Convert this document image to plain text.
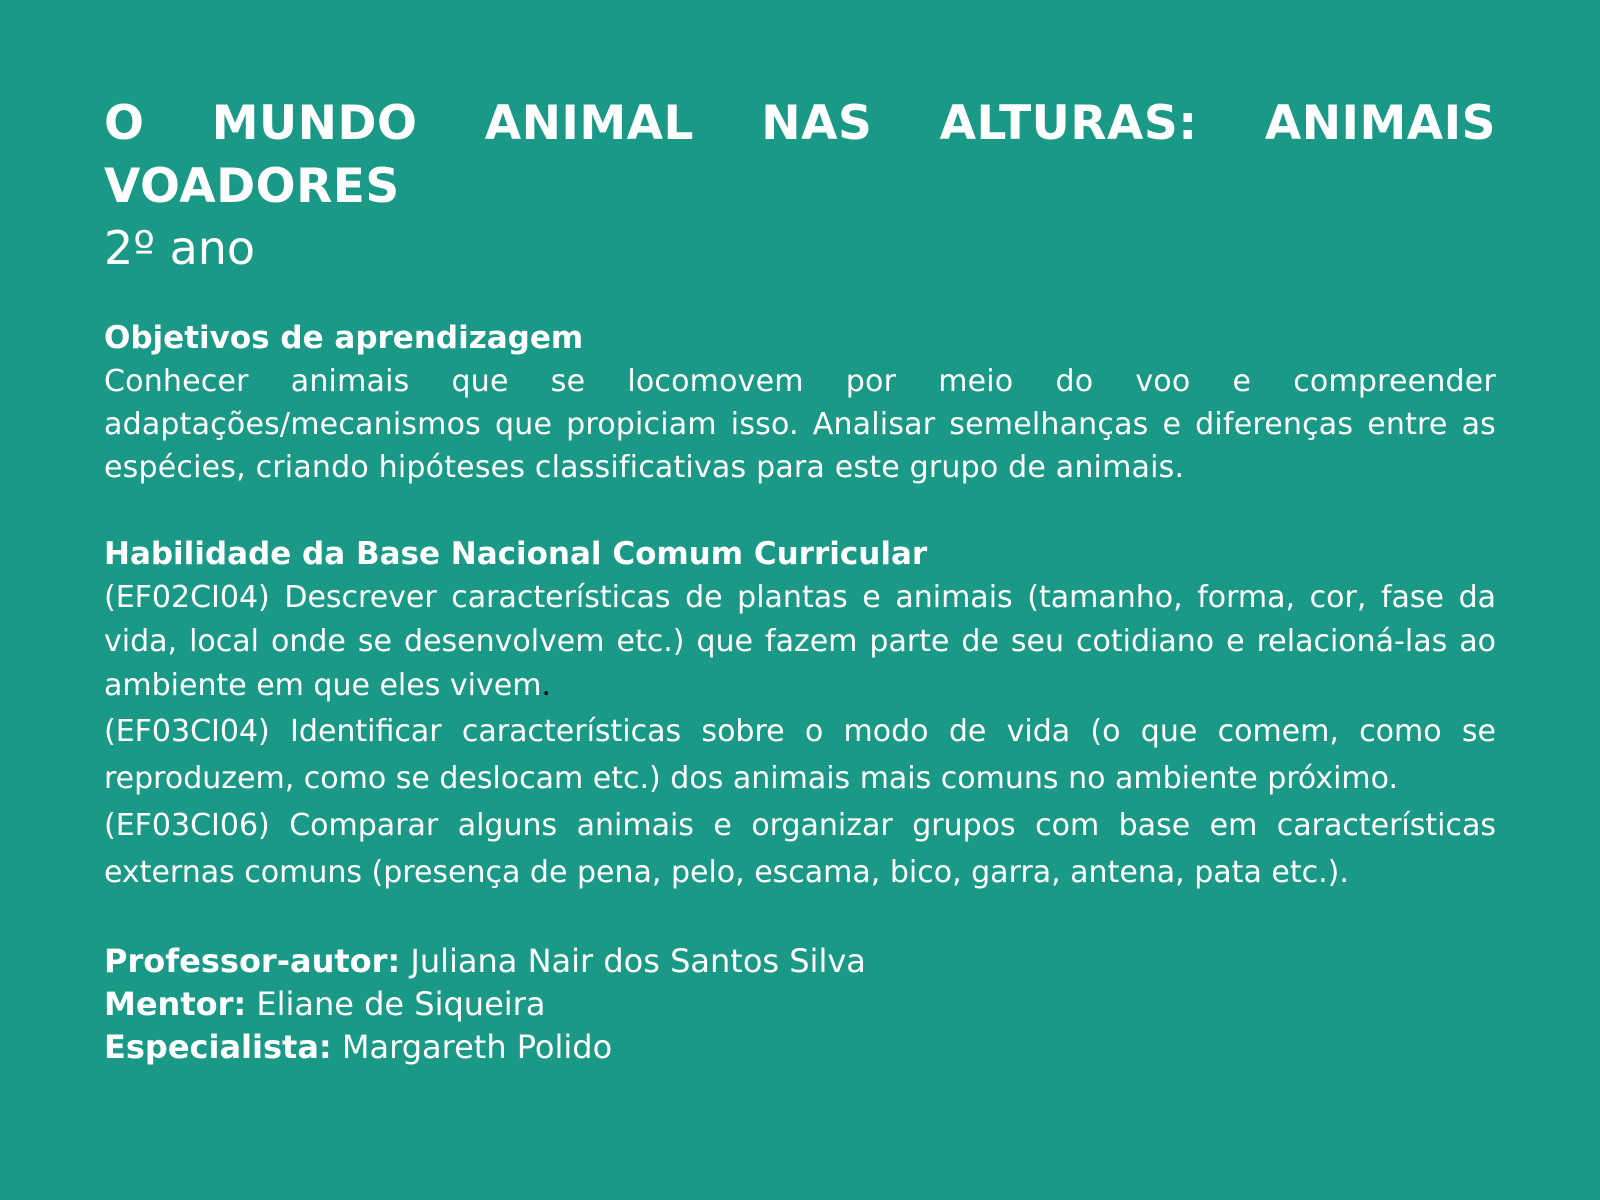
O MUNDO ANIMAL NAS ALTURAS: ANIMAIS VOADORES
2º ano
Objetivos de aprendizagem

Conhecer animais que se locomovem por meio do voo e compreender adaptações/mecanismos que propiciam isso. Analisar semelhanças e diferenças entre as espécies, criando hipóteses classificativas para este grupo de animais.

Habilidade da Base Nacional Comum Curricular

(EF02CI04) Descrever características de plantas e animais (tamanho, forma, cor, fase da vida, local onde se desenvolvem etc.) que fazem parte de seu cotidiano e relacioná-las ao ambiente em que eles vivem.

(EF03CI04) Identificar características sobre o modo de vida (o que comem, como se reproduzem, como se deslocam etc.) dos animais mais comuns no ambiente próximo.

(EF03CI06) Comparar alguns animais e organizar grupos com base em características externas comuns (presença de pena, pelo, escama, bico, garra, antena, pata etc.).

Professor-autor: Juliana Nair dos Santos Silva

Mentor: Eliane de Siqueira

Especialista: Margareth Polido
